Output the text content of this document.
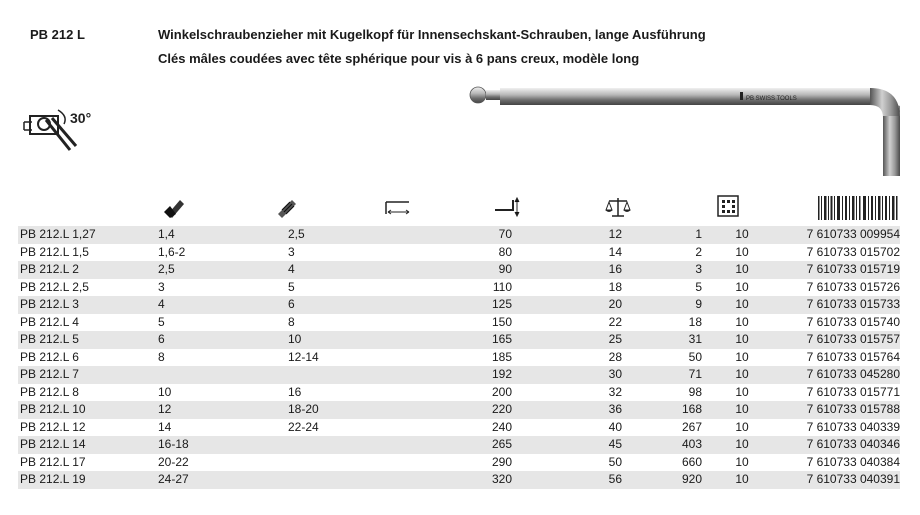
PB 212 L	Winkelschraubenzieher mit Kugelkopf für Innensechskant-Schrauben, lange Ausführung
Clés mâles coudées avec tête sphérique pour vis à 6 pans creux, modèle long
30°
PB SWISS TOOLS
PB 212.L 1,27	1,4	2,5		70	12	1	10	7 610733 009954
PB 212.L 1,5	1,6-2	3		80	14	2	10	7 610733 015702
PB 212.L 2	2,5	4		90	16	3	10	7 610733 015719
PB 212.L 2,5	3	5		110	18	5	10	7 610733 015726
PB 212.L 3	4	6		125	20	9	10	7 610733 015733
PB 212.L 4	5	8		150	22	18	10	7 610733 015740
PB 212.L 5	6	10		165	25	31	10	7 610733 015757
PB 212.L 6	8	12-14		185	28	50	10	7 610733 015764
PB 212.L 7				192	30	71	10	7 610733 045280
PB 212.L 8	10	16		200	32	98	10	7 610733 015771
PB 212.L 10	12	18-20		220	36	168	10	7 610733 015788
PB 212.L 12	14	22-24		240	40	267	10	7 610733 040339
PB 212.L 14	16-18			265	45	403	10	7 610733 040346
PB 212.L 17	20-22			290	50	660	10	7 610733 040384
PB 212.L 19	24-27			320	56	920	10	7 610733 040391
